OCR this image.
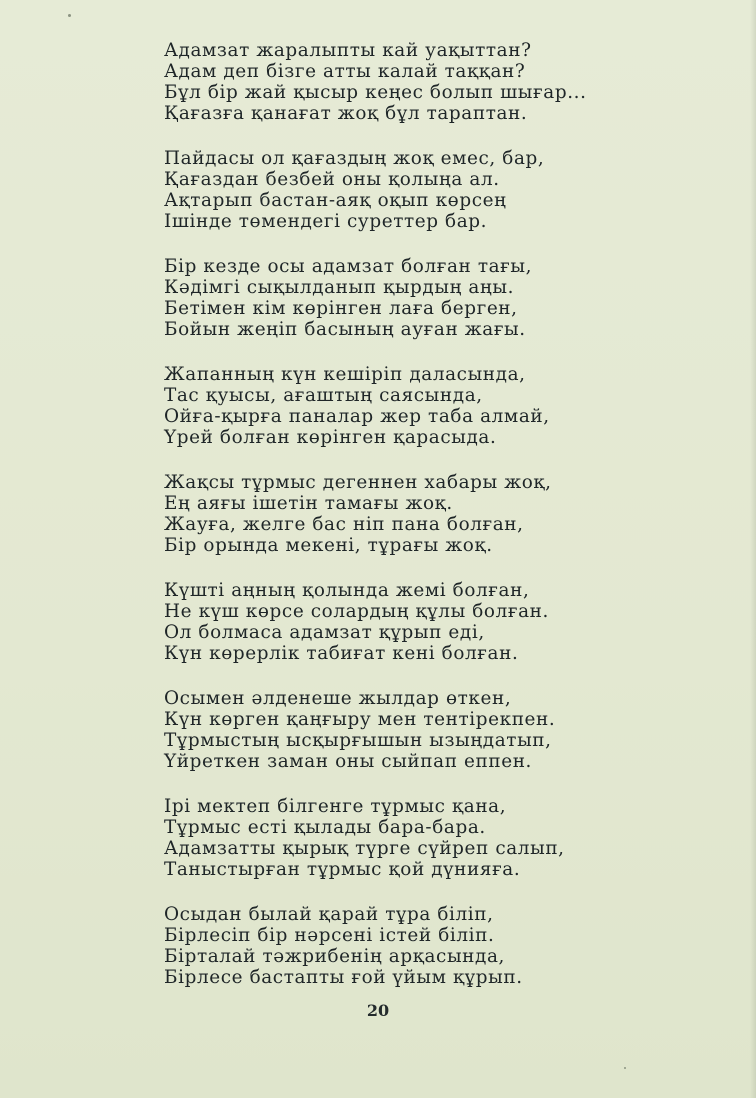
Адамзат жаралыпты кай уақыттан?
Адам деп бізге атты калай таққан?
Бұл бір жай қысыр кеңес болып шығар...
Қағазға қанағат жоқ бұл тараптан.
Пайдасы ол қағаздың жоқ емес, бар,
Қағаздан безбей оны қолыңа ал.
Ақтарып бастан-аяқ оқып көрсең
Ішінде төмендегі суреттер бар.
Бір кезде осы адамзат болған тағы,
Кәдімгі сықылданып қырдың аңы.
Бетімен кім көрінген лаға берген,
Бойын жеңіп басының ауған жағы.
Жапанның күн кешіріп даласында,
Тас қуысы, ағаштың саясында,
Ойға-қырға панaлар жер таба алмай,
Үрей болған көрінген қарасыда.
Жақсы тұрмыс дегеннен хабары жоқ,
Ең аяғы ішетін тамағы жоқ.
Жауға, желге бас ніп пана болған,
Бір орында мекені, тұрағы жоқ.
Күшті аңның қолында жемі болған,
Не күш көрсе солардың құлы болған.
Ол болмаса адамзат құрып еді,
Күн көрерлік табиғат кені болған.
Осымен әлденеше жылдар өткен,
Күн көрген қаңғыру мен тентірекпен.
Тұрмыстың ысқырғышын ызыңдатып,
Үйреткен заман оны сыйпап еппен.
Ірі мектеп білгенге тұрмыс қана,
Тұрмыс есті қылады бара-бара.
Адамзатты қырық түрге сүйреп салып,
Таныстырған тұрмыс қой дүнияға.
Осыдан былай қарай тұра біліп,
Бірлесіп бір нәрсені істей біліп.
Бірталай тәжрибенің арқасында,
Бірлесе бастапты ғой үйым құрып.
20
